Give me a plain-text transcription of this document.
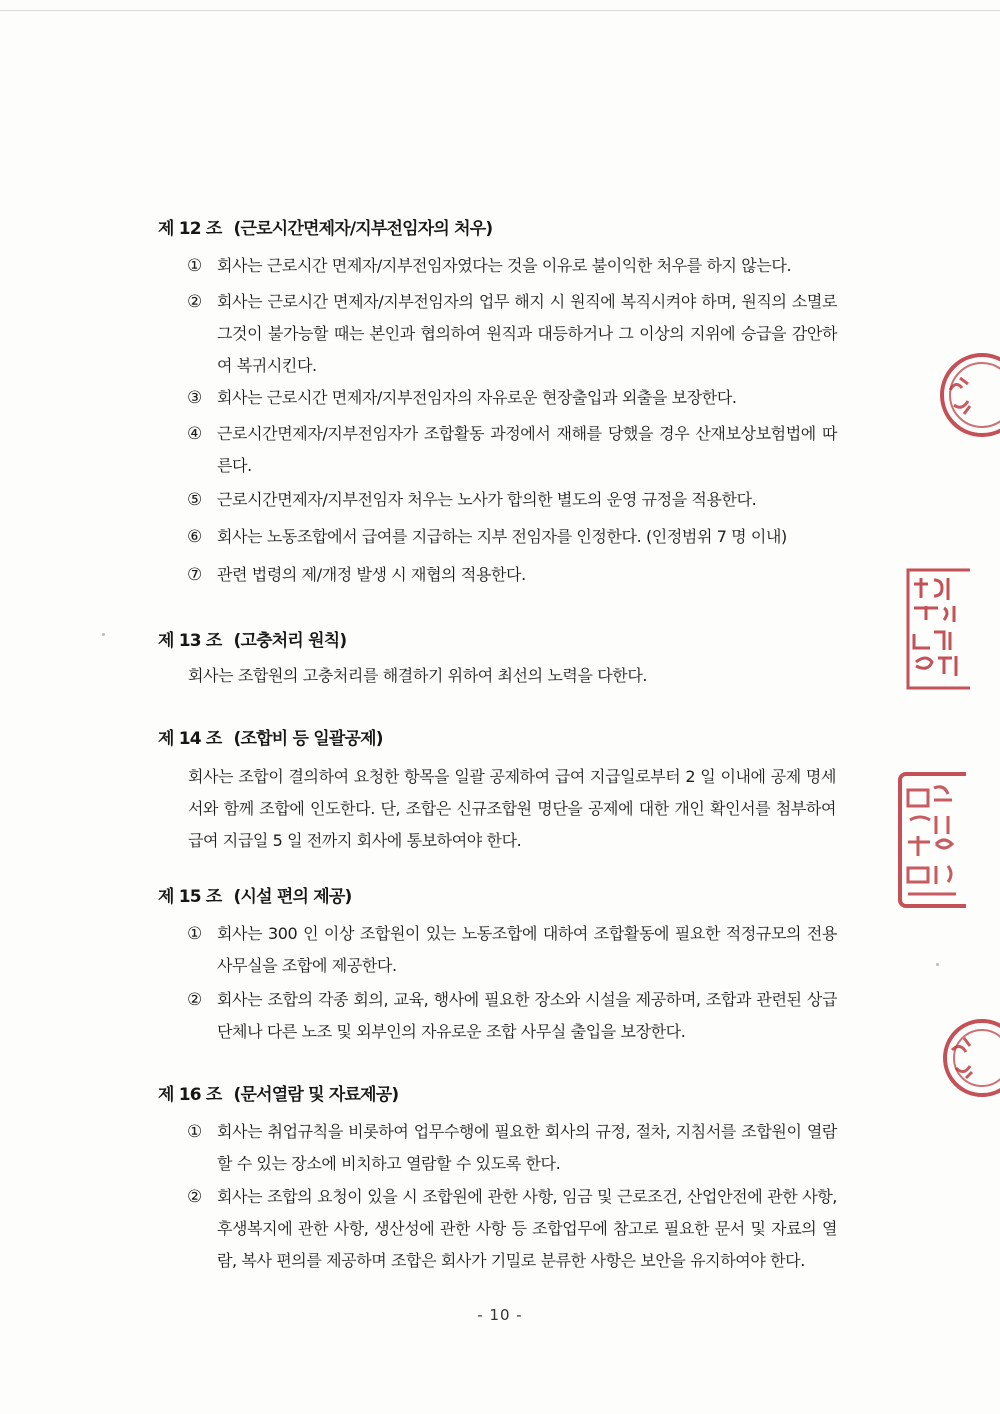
제 12 조 (근로시간면제자/지부전임자의 처우)
① 회사는 근로시간 면제자/지부전임자였다는 것을 이유로 불이익한 처우를 하지 않는다.
② 회사는 근로시간 면제자/지부전임자의 업무 해지 시 원직에 복직시켜야 하며, 원직의 소멸로 그것이 불가능할 때는 본인과 협의하여 원직과 대등하거나 그 이상의 지위에 승급을 감안하여 복귀시킨다.
③ 회사는 근로시간 면제자/지부전임자의 자유로운 현장출입과 외출을 보장한다.
④ 근로시간면제자/지부전임자가 조합활동 과정에서 재해를 당했을 경우 산재보상보험법에 따른다.
⑤ 근로시간면제자/지부전임자 처우는 노사가 합의한 별도의 운영 규정을 적용한다.
⑥ 회사는 노동조합에서 급여를 지급하는 지부 전임자를 인정한다. (인정범위 7 명 이내)
⑦ 관련 법령의 제/개정 발생 시 재협의 적용한다.
제 13 조 (고충처리 원칙)
회사는 조합원의 고충처리를 해결하기 위하여 최선의 노력을 다한다.
제 14 조 (조합비 등 일괄공제)
회사는 조합이 결의하여 요청한 항목을 일괄 공제하여 급여 지급일로부터 2 일 이내에 공제 명세서와 함께 조합에 인도한다. 단, 조합은 신규조합원 명단을 공제에 대한 개인 확인서를 첨부하여 급여 지급일 5 일 전까지 회사에 통보하여야 한다.
제 15 조 (시설 편의 제공)
① 회사는 300 인 이상 조합원이 있는 노동조합에 대하여 조합활동에 필요한 적정규모의 전용사무실을 조합에 제공한다.
② 회사는 조합의 각종 회의, 교육, 행사에 필요한 장소와 시설을 제공하며, 조합과 관련된 상급단체나 다른 노조 및 외부인의 자유로운 조합 사무실 출입을 보장한다.
제 16 조 (문서열람 및 자료제공)
① 회사는 취업규칙을 비롯하여 업무수행에 필요한 회사의 규정, 절차, 지침서를 조합원이 열람할 수 있는 장소에 비치하고 열람할 수 있도록 한다.
② 회사는 조합의 요청이 있을 시 조합원에 관한 사항, 임금 및 근로조건, 산업안전에 관한 사항, 후생복지에 관한 사항, 생산성에 관한 사항 등 조합업무에 참고로 필요한 문서 및 자료의 열람, 복사 편의를 제공하며 조합은 회사가 기밀로 분류한 사항은 보안을 유지하여야 한다.
- 10 -
